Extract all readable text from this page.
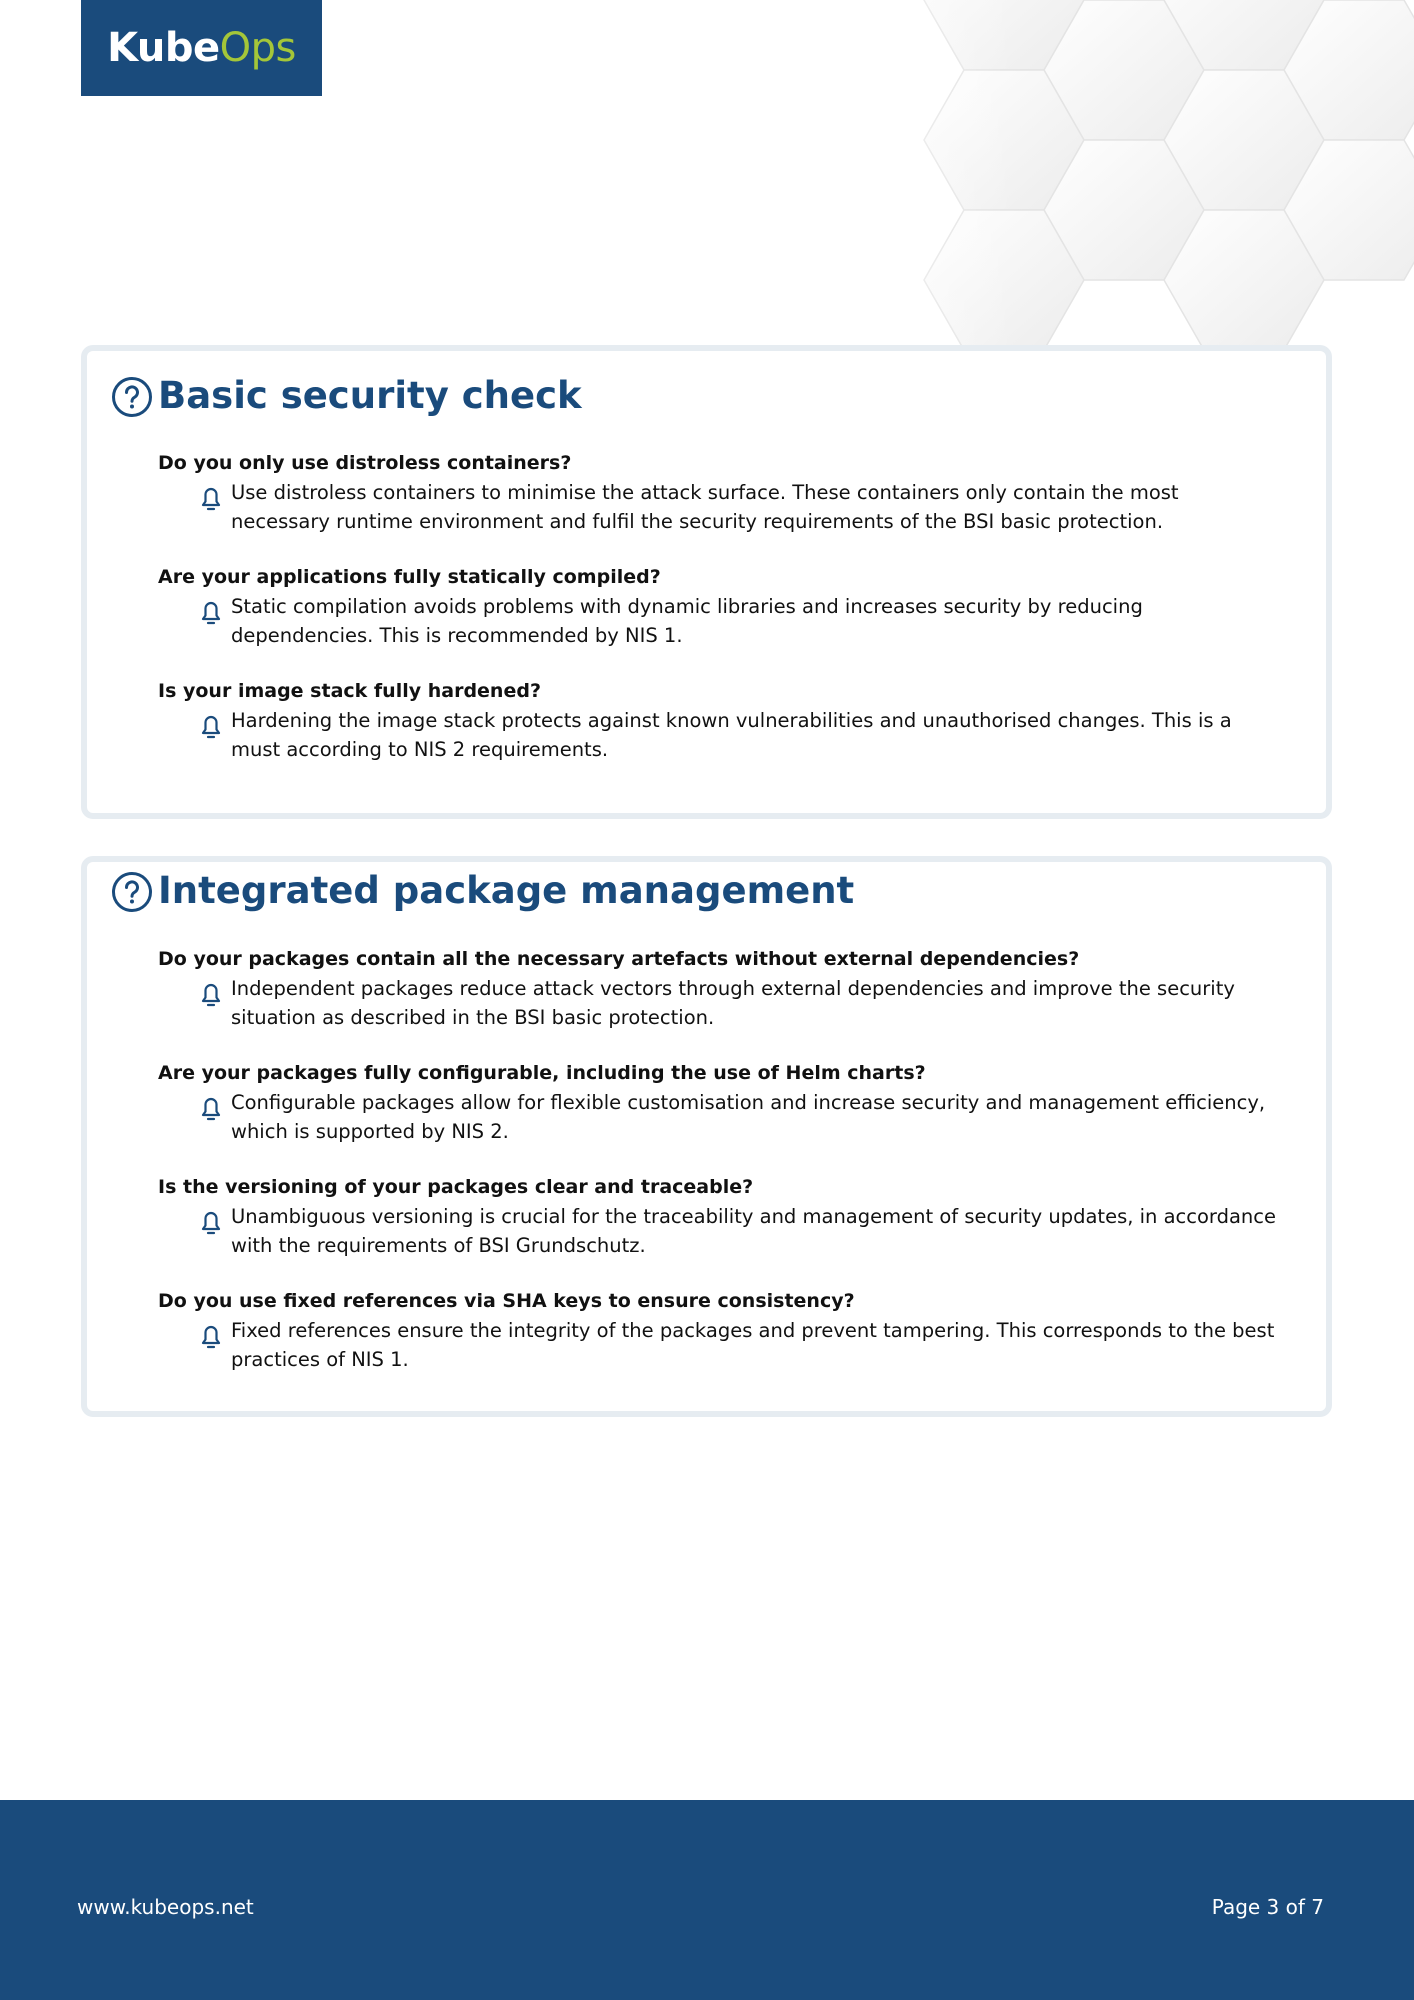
Kube Ops
Basic security check
Do you only use distroless containers?
Use distroless containers to minimise the attack surface. These containers only contain the most necessary runtime environment and fulfil the security requirements of the BSI basic protection.
Are your applications fully statically compiled?
Static compilation avoids problems with dynamic libraries and increases security by reducing dependencies. This is recommended by NIS 1.
Is your image stack fully hardened?
Hardening the image stack protects against known vulnerabilities and unauthorised changes. This is a must according to NIS 2 requirements.
Integrated package management
Do your packages contain all the necessary artefacts without external dependencies?
Independent packages reduce attack vectors through external dependencies and improve the security situation as described in the BSI basic protection.
Are your packages fully configurable, including the use of Helm charts?
Configurable packages allow for flexible customisation and increase security and management efficiency, which is supported by NIS 2.
Is the versioning of your packages clear and traceable?
Unambiguous versioning is crucial for the traceability and management of security updates, in accordance with the requirements of BSI Grundschutz.
Do you use fixed references via SHA keys to ensure consistency?
Fixed references ensure the integrity of the packages and prevent tampering. This corresponds to the best practices of NIS 1.
www.kubeops.net	Page 3 of 7
